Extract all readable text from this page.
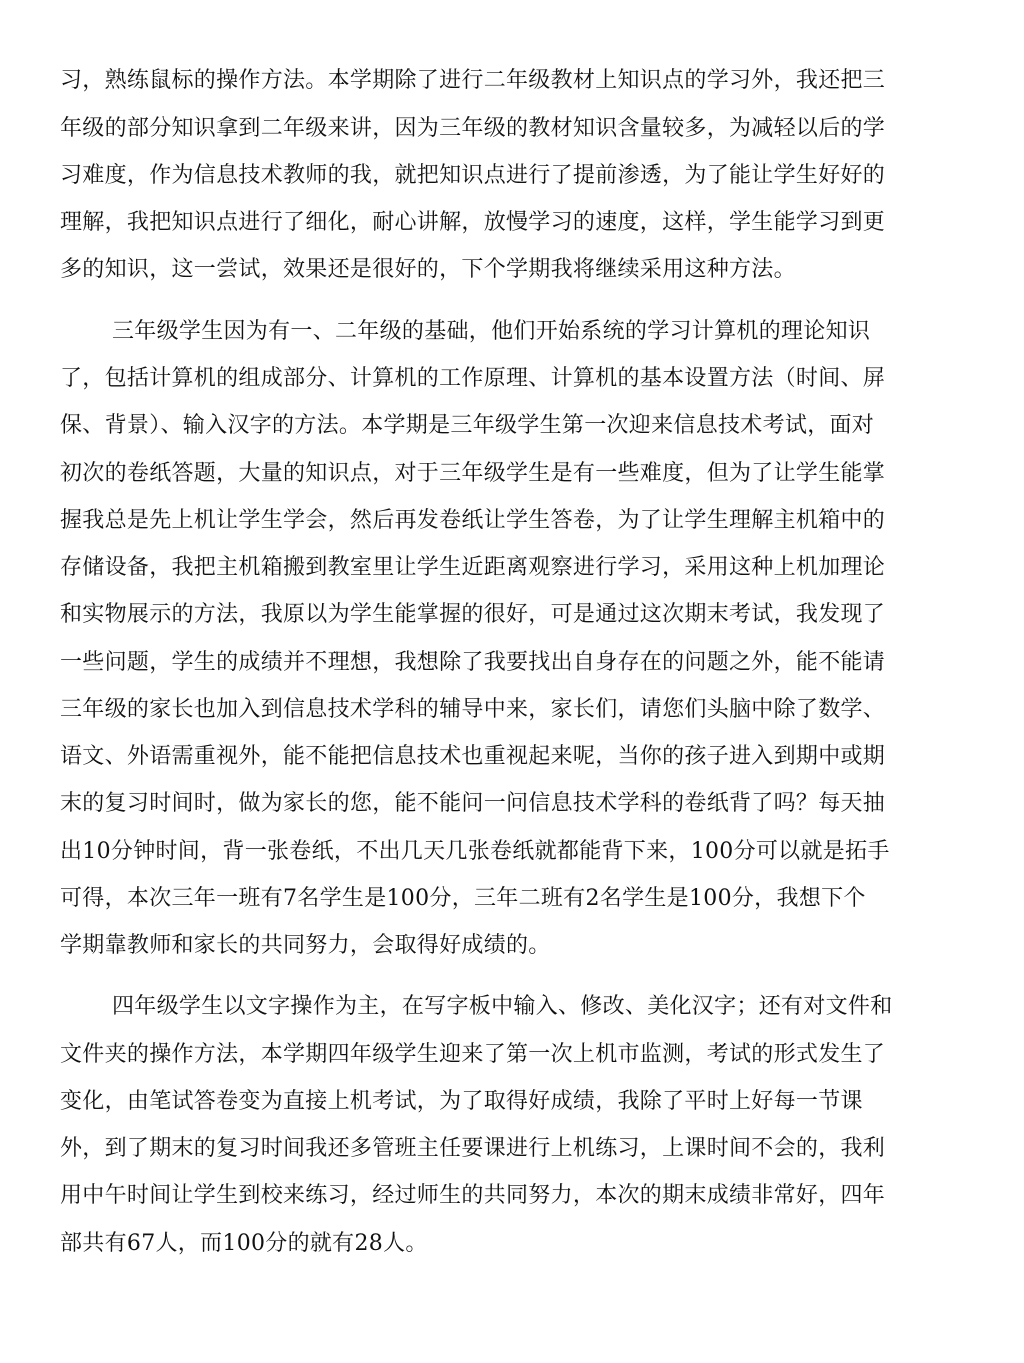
习，熟练鼠标的操作方法。本学期除了进行二年级教材上知识点的学习外，我还把三
年级的部分知识拿到二年级来讲，因为三年级的教材知识含量较多，为减轻以后的学
习难度，作为信息技术教师的我，就把知识点进行了提前渗透，为了能让学生好好的
理解，我把知识点进行了细化，耐心讲解，放慢学习的速度，这样，学生能学习到更
多的知识，这一尝试，效果还是很好的，下个学期我将继续采用这种方法。
三年级学生因为有一、二年级的基础，他们开始系统的学习计算机的理论知识
了，包括计算机的组成部分、计算机的工作原理、计算机的基本设置方法（时间、屏
保、背景）、输入汉字的方法。本学期是三年级学生第一次迎来信息技术考试，面对
初次的卷纸答题，大量的知识点，对于三年级学生是有一些难度，但为了让学生能掌
握我总是先上机让学生学会，然后再发卷纸让学生答卷，为了让学生理解主机箱中的
存储设备，我把主机箱搬到教室里让学生近距离观察进行学习，采用这种上机加理论
和实物展示的方法，我原以为学生能掌握的很好，可是通过这次期末考试，我发现了
一些问题，学生的成绩并不理想，我想除了我要找出自身存在的问题之外，能不能请
三年级的家长也加入到信息技术学科的辅导中来，家长们，请您们头脑中除了数学、
语文、外语需重视外，能不能把信息技术也重视起来呢，当你的孩子进入到期中或期
末的复习时间时，做为家长的您，能不能问一问信息技术学科的卷纸背了吗？每天抽
出10分钟时间，背一张卷纸，不出几天几张卷纸就都能背下来，100分可以就是拓手
可得，本次三年一班有7名学生是100分，三年二班有2名学生是100分，我想下个
学期靠教师和家长的共同努力，会取得好成绩的。
四年级学生以文字操作为主，在写字板中输入、修改、美化汉字；还有对文件和
文件夹的操作方法，本学期四年级学生迎来了第一次上机市监测，考试的形式发生了
变化，由笔试答卷变为直接上机考试，为了取得好成绩，我除了平时上好每一节课
外，到了期末的复习时间我还多管班主任要课进行上机练习，上课时间不会的，我利
用中午时间让学生到校来练习，经过师生的共同努力，本次的期末成绩非常好，四年
部共有67人，而100分的就有28人。
